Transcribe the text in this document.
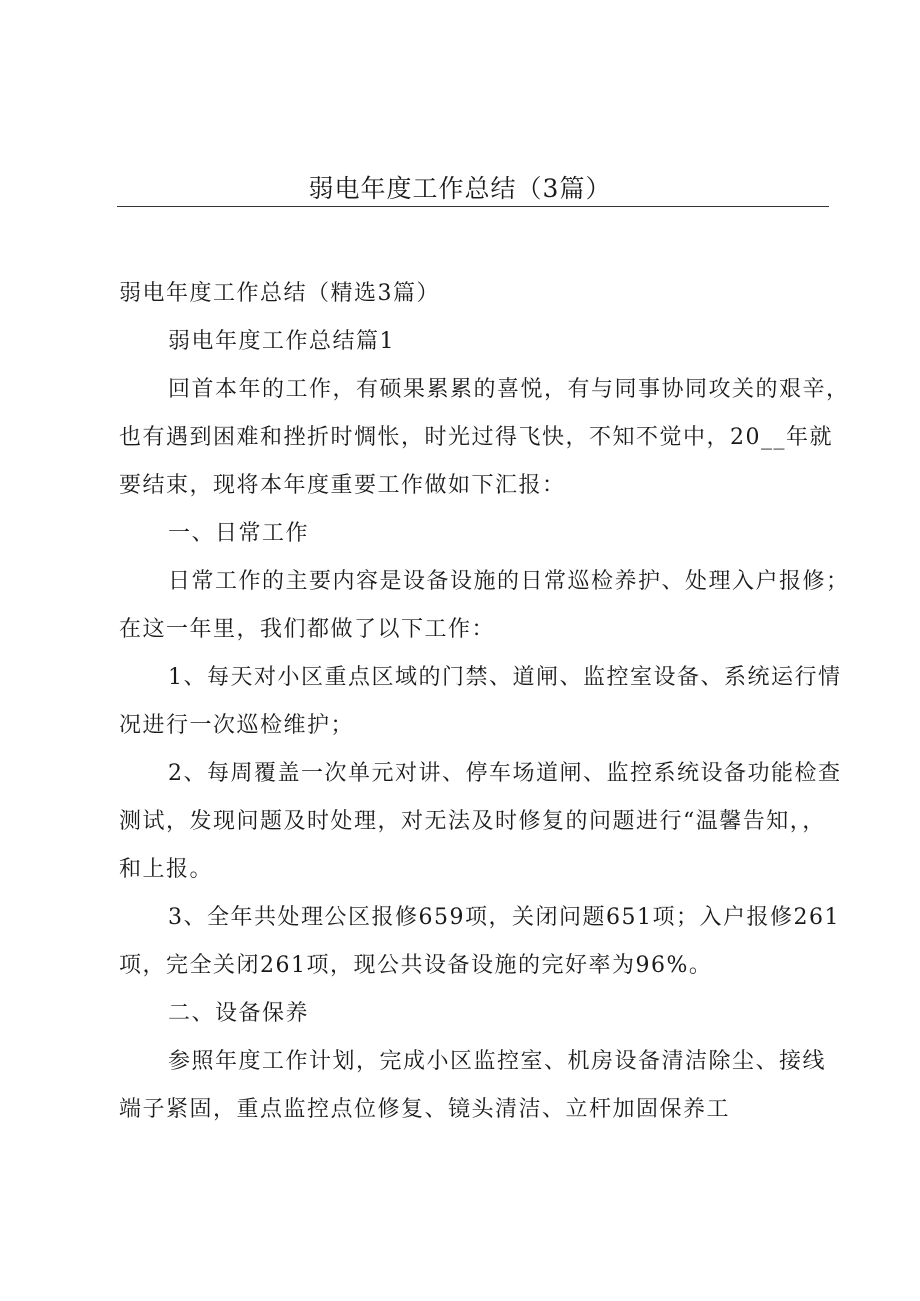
弱电年度工作总结（3篇）

弱电年度工作总结（精选3篇）

弱电年度工作总结篇1

回首本年的工作，有硕果累累的喜悦，有与同事协同攻关的艰辛，

也有遇到困难和挫折时惆怅，时光过得飞快，不知不觉中，20__年就

要结束，现将本年度重要工作做如下汇报：

一、日常工作

日常工作的主要内容是设备设施的日常巡检养护、处理入户报修；

在这一年里，我们都做了以下工作：

1、每天对小区重点区域的门禁、道闸、监控室设备、系统运行情

况进行一次巡检维护；

2、每周覆盖一次单元对讲、停车场道闸、监控系统设备功能检查

测试，发现问题及时处理，对无法及时修复的问题进行“温馨告知，，

和上报。

3、全年共处理公区报修659项，关闭问题651项；入户报修261

项，完全关闭261项，现公共设备设施的完好率为96%。

二、设备保养

参照年度工作计划，完成小区监控室、机房设备清洁除尘、接线

端子紧固，重点监控点位修复、镜头清洁、立杆加固保养工
